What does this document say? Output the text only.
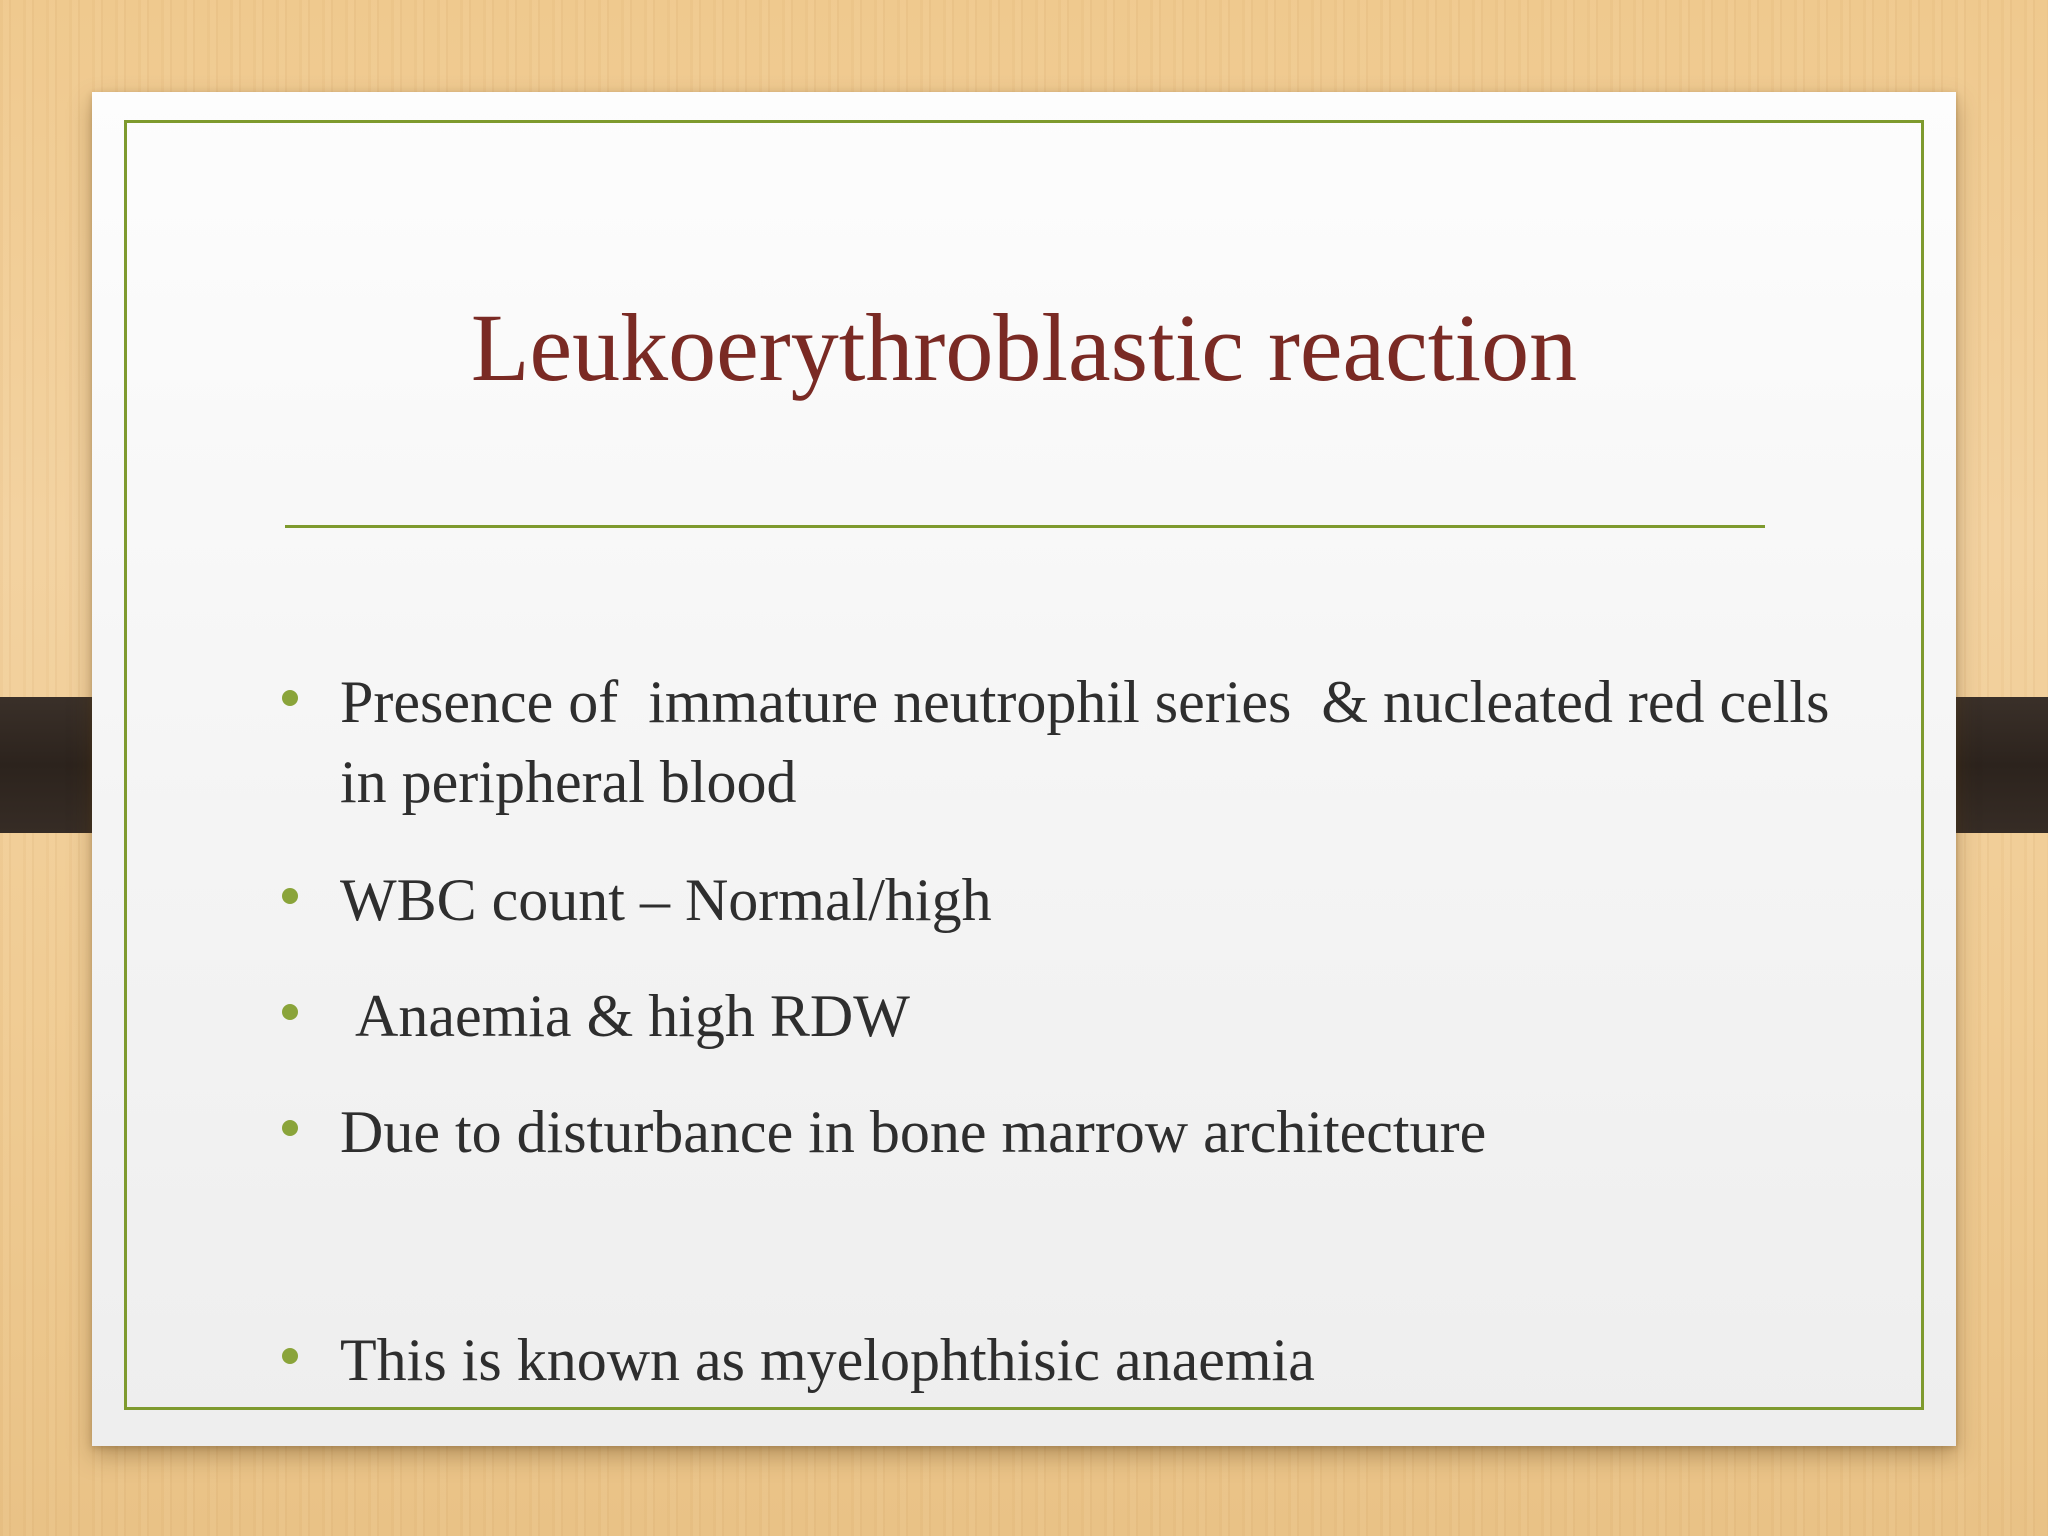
Leukoerythroblastic reaction
Presence of  immature neutrophil series  & nucleated red cells in peripheral blood
WBC count – Normal/high
Anaemia & high RDW
Due to disturbance in bone marrow architecture
This is known as myelophthisic anaemia
